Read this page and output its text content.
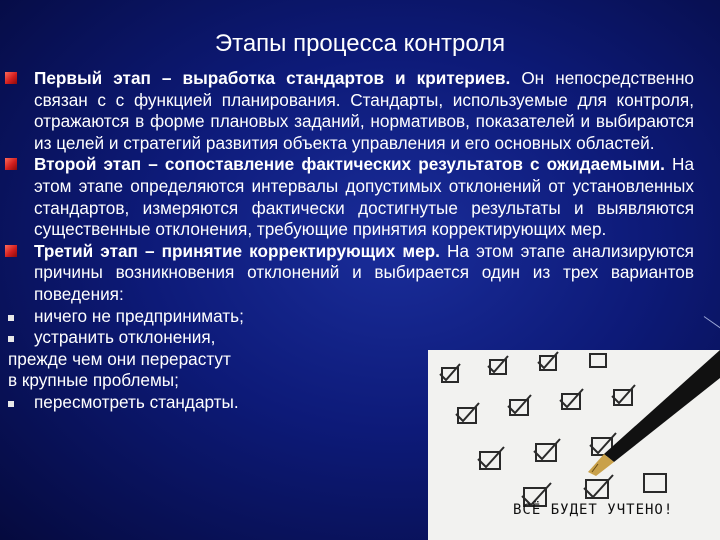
Этапы процесса контроля

Первый этап – выработка стандартов и критериев. Он непосредственно связан с с функцией планирования. Стандарты, используемые для контроля, отражаются в форме плановых заданий, нормативов, показателей и выбираются из целей и стратегий развития объекта управления и его основных областей.

Второй этап – сопоставление фактических результатов с ожидаемыми. На этом этапе определяются интервалы допустимых отклонений от установленных стандартов, измеряются фактически достигнутые результаты и выявляются существенные отклонения, требующие принятия корректирующих мер.

Третий этап – принятие корректирующих мер. На этом этапе анализируются причины возникновения отклонений и выбирается один из трех вариантов поведения:

ничего не предпринимать;
устранить отклонения,
прежде чем они перерастут
в крупные проблемы;
пересмотреть стандарты.
ВСЁ БУДЕТ УЧТЕНО!
